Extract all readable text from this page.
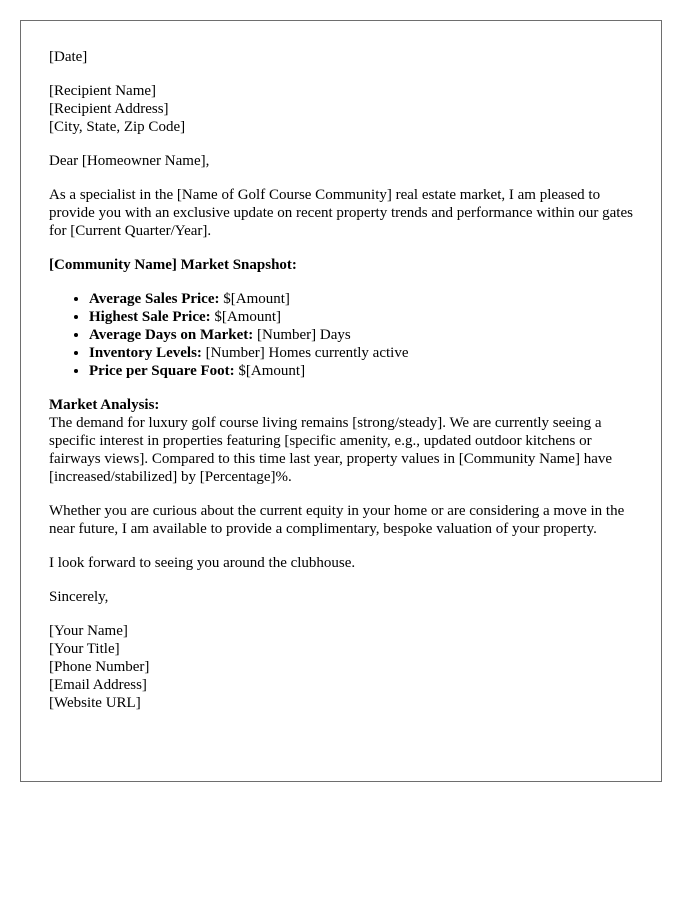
[Date]

[Recipient Name]
[Recipient Address]
[City, State, Zip Code]

Dear [Homeowner Name],

As a specialist in the [Name of Golf Course Community] real estate market, I am pleased to provide you with an exclusive update on recent property trends and performance within our gates for [Current Quarter/Year].

[Community Name] Market Snapshot:
• Average Sales Price: $[Amount]
• Highest Sale Price: $[Amount]
• Average Days on Market: [Number] Days
• Inventory Levels: [Number] Homes currently active
• Price per Square Foot: $[Amount]

Market Analysis:
The demand for luxury golf course living remains [strong/steady]. We are currently seeing a specific interest in properties featuring [specific amenity, e.g., updated outdoor kitchens or fairways views]. Compared to this time last year, property values in [Community Name] have [increased/stabilized] by [Percentage]%.

Whether you are curious about the current equity in your home or are considering a move in the near future, I am available to provide a complimentary, bespoke valuation of your property.

I look forward to seeing you around the clubhouse.

Sincerely,

[Your Name]
[Your Title]
[Phone Number]
[Email Address]
[Website URL]
